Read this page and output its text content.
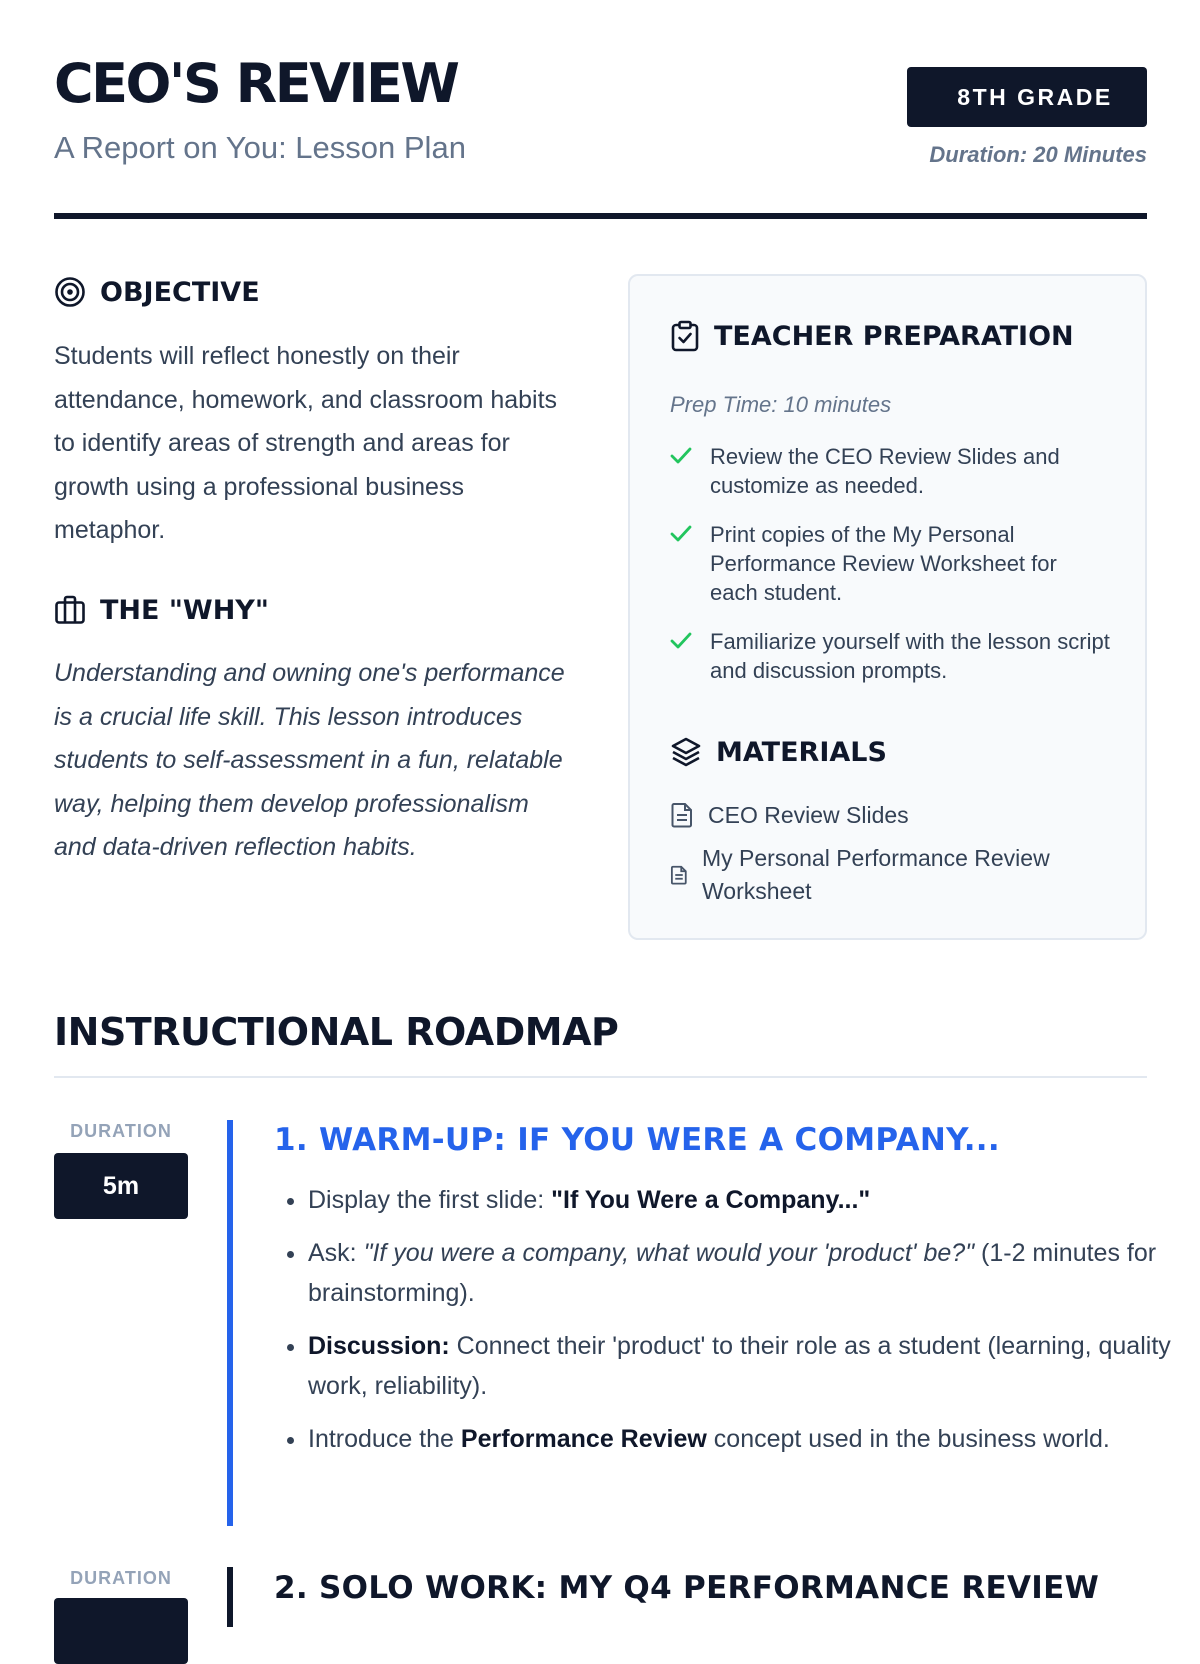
CEO'S REVIEW
A Report on You: Lesson Plan
8TH GRADE
Duration: 20 Minutes
OBJECTIVE

Students will reflect honestly on their attendance, homework, and classroom habits to identify areas of strength and areas for growth using a professional business metaphor.

THE "WHY"

Understanding and owning one's performance is a crucial life skill. This lesson introduces students to self-assessment in a fun, relatable way, helping them develop professionalism and data-driven reflection habits.

TEACHER PREPARATION
Prep Time: 10 minutes
Review the CEO Review Slides and customize as needed.
Print copies of the My Personal Performance Review Worksheet for each student.
Familiarize yourself with the lesson script and discussion prompts.
MATERIALS
CEO Review Slides
My Personal Performance Review Worksheet
INSTRUCTIONAL ROADMAP
DURATION
5m
1. WARM-UP: IF YOU WERE A COMPANY...
• Display the first slide: "If You Were a Company..."
• Ask: "If you were a company, what would your 'product' be?" (1-2 minutes for brainstorming).
• Discussion: Connect their 'product' to their role as a student (learning, quality work, reliability).
• Introduce the Performance Review concept used in the business world.
DURATION	2. SOLO WORK: MY Q4 PERFORMANCE REVIEW
